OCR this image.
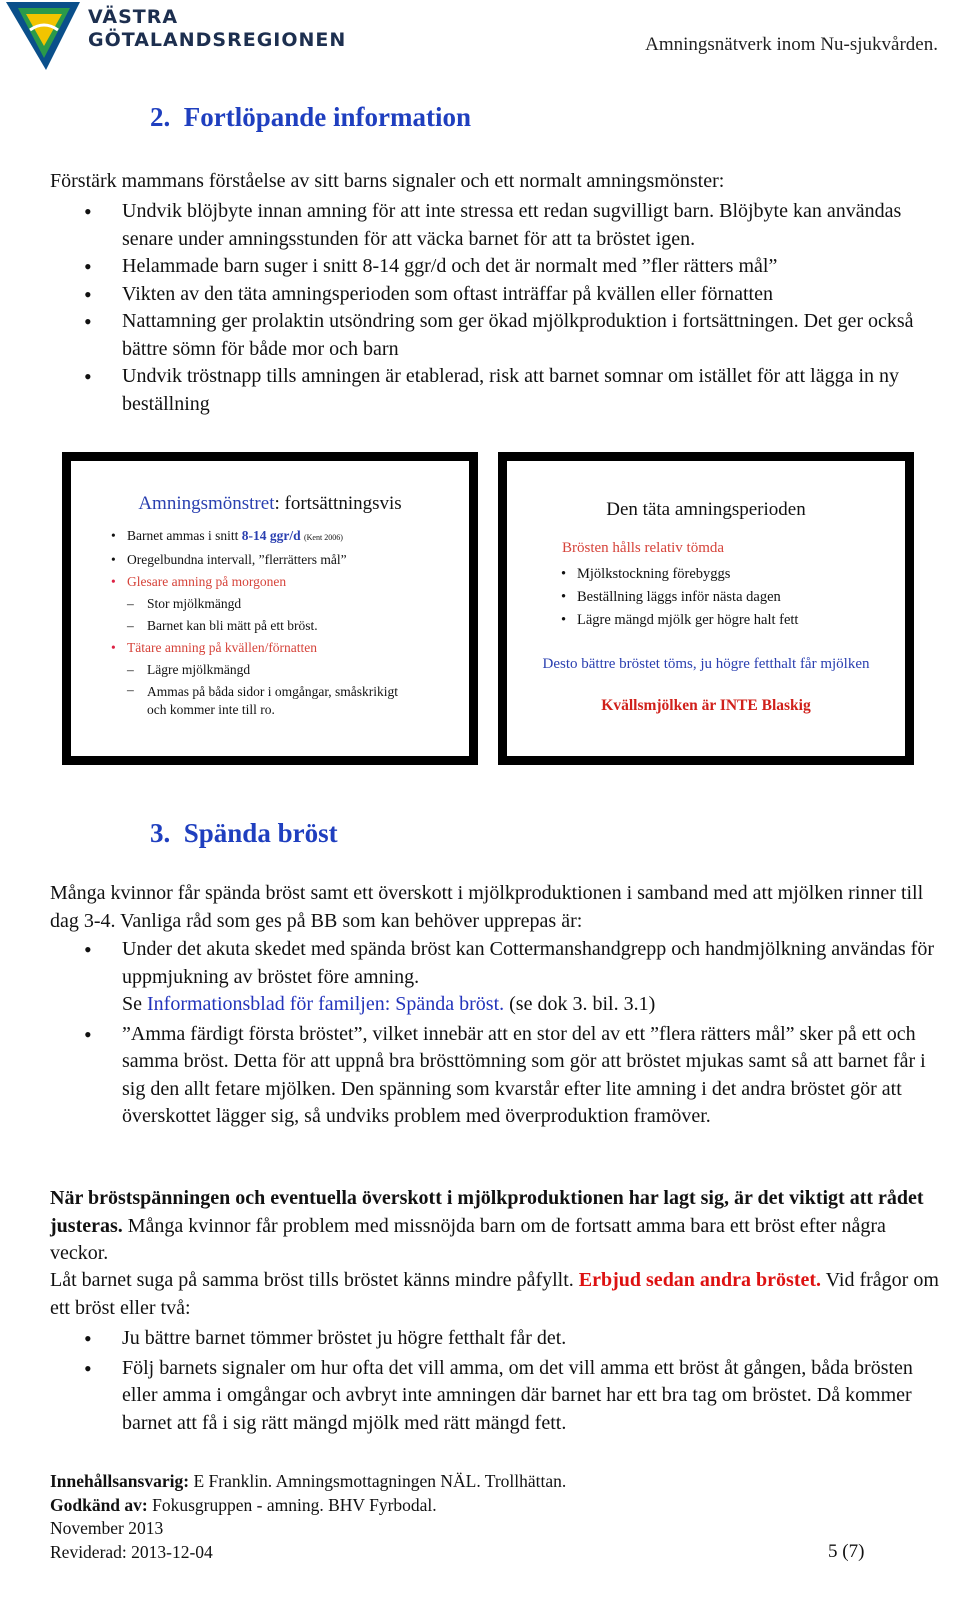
VÄSTRA
GÖTALANDSREGIONEN	Amningsnätverk inom Nu-sjukvården.
2. Fortlöpande information
Förstärk mammans förståelse av sitt barns signaler och ett normalt amningsmönster:
• Undvik blöjbyte innan amning för att inte stressa ett redan sugvilligt barn. Blöjbyte kan användas senare under amningsstunden för att väcka barnet för att ta bröstet igen.
• Helammade barn suger i snitt 8-14 ggr/d och det är normalt med ”fler rätters mål”
• Vikten av den täta amningsperioden som oftast inträffar på kvällen eller förnatten
• Nattamning ger prolaktin utsöndring som ger ökad mjölkproduktion i fortsättningen. Det ger också bättre sömn för både mor och barn
• Undvik tröstnapp tills amningen är etablerad, risk att barnet somnar om istället för att lägga in ny beställning
Amningsmönstret: fortsättningsvis
• Barnet ammas i snitt 8-14 ggr/d (Kent 2006)
• Oregelbundna intervall, ”flerrätters mål”
• Glesare amning på morgonen
– Stor mjölkmängd
– Barnet kan bli mätt på ett bröst.
• Tätare amning på kvällen/förnatten
– Lägre mjölkmängd
– Ammas på båda sidor i omgångar, småskrikigt
och kommer inte till ro.
Den täta amningsperioden
Brösten hålls relativ tömda
• Mjölkstockning förebyggs
• Beställning läggs inför nästa dagen
• Lägre mängd mjölk ger högre halt fett
Desto bättre bröstet töms, ju högre fetthalt får mjölken
Kvällsmjölken är INTE Blaskig
3. Spända bröst
Många kvinnor får spända bröst samt ett överskott i mjölkproduktionen i samband med att mjölken rinner till dag 3-4. Vanliga råd som ges på BB som kan behöver upprepas är:
• Under det akuta skedet med spända bröst kan Cottermanshandgrepp och handmjölkning användas för uppmjukning av bröstet före amning.
Se Informationsblad för familjen: Spända bröst. (se dok 3. bil. 3.1)
• ”Amma färdigt första bröstet”, vilket innebär att en stor del av ett ”flera rätters mål” sker på ett och samma bröst. Detta för att uppnå bra brösttömning som gör att bröstet mjukas samt så att barnet får i sig den allt fetare mjölken. Den spänning som kvarstår efter lite amning i det andra bröstet gör att överskottet lägger sig, så undviks problem med överproduktion framöver.
När bröstspänningen och eventuella överskott i mjölkproduktionen har lagt sig, är det viktigt att rådet justeras. Många kvinnor får problem med missnöjda barn om de fortsatt amma bara ett bröst efter några veckor.
Låt barnet suga på samma bröst tills bröstet känns mindre påfyllt. Erbjud sedan andra bröstet. Vid frågor om ett bröst eller två:
• Ju bättre barnet tömmer bröstet ju högre fetthalt får det.
• Följ barnets signaler om hur ofta det vill amma, om det vill amma ett bröst åt gången, båda brösten eller amma i omgångar och avbryt inte amningen där barnet har ett bra tag om bröstet. Då kommer barnet att få i sig rätt mängd mjölk med rätt mängd fett.
Innehållsansvarig: E Franklin. Amningsmottagningen NÄL. Trollhättan.
Godkänd av: Fokusgruppen - amning. BHV Fyrbodal.
November 2013
Reviderad: 2013-12-04	5 (7)
